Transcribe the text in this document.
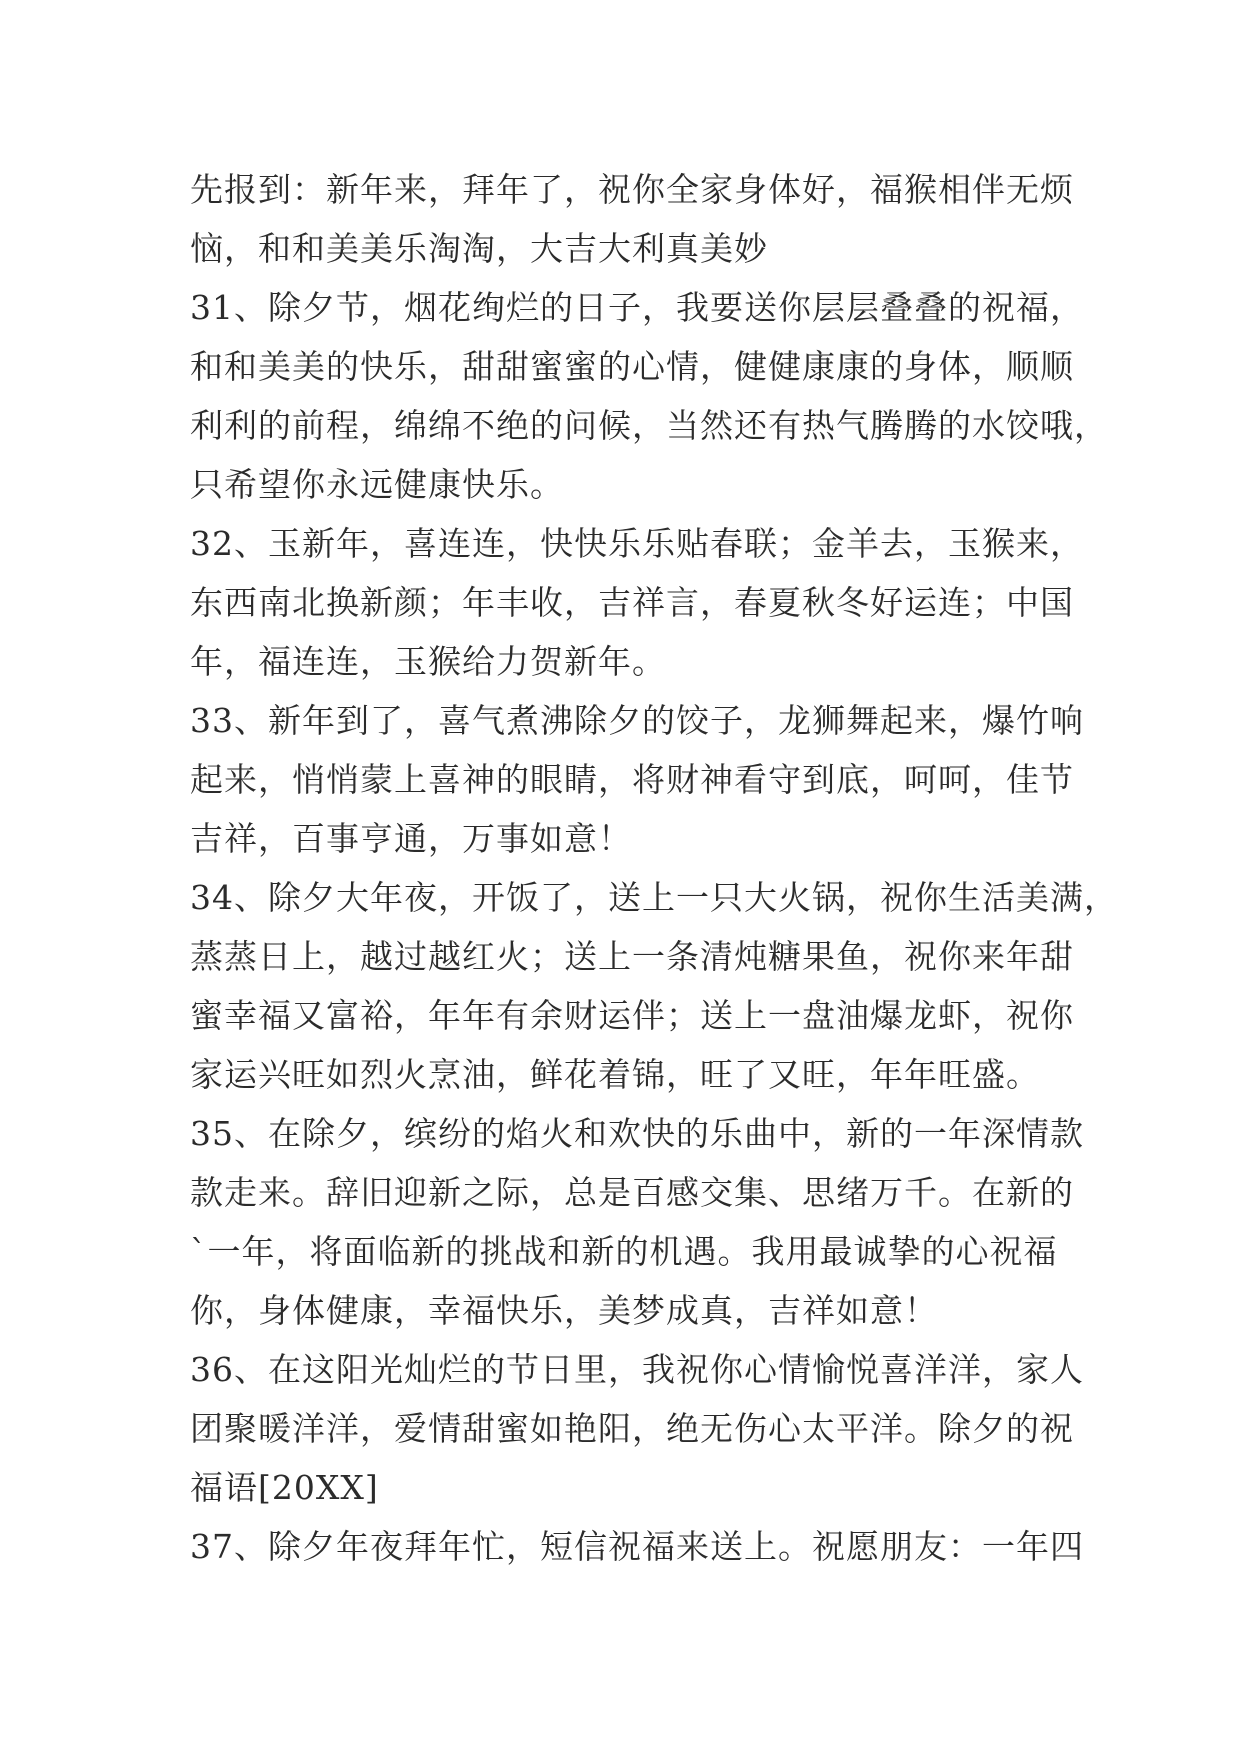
先报到：新年来，拜年了，祝你全家身体好，福猴相伴无烦
恼，和和美美乐淘淘，大吉大利真美妙
31、除夕节，烟花绚烂的日子，我要送你层层叠叠的祝福，
和和美美的快乐，甜甜蜜蜜的心情，健健康康的身体，顺顺
利利的前程，绵绵不绝的问候，当然还有热气腾腾的水饺哦，
只希望你永远健康快乐。
32、玉新年，喜连连，快快乐乐贴春联；金羊去，玉猴来，
东西南北换新颜；年丰收，吉祥言，春夏秋冬好运连；中国
年，福连连，玉猴给力贺新年。
33、新年到了，喜气煮沸除夕的饺子，龙狮舞起来，爆竹响
起来，悄悄蒙上喜神的眼睛，将财神看守到底，呵呵，佳节
吉祥，百事亨通，万事如意！
34、除夕大年夜，开饭了，送上一只大火锅，祝你生活美满，
蒸蒸日上，越过越红火；送上一条清炖糖果鱼，祝你来年甜
蜜幸福又富裕，年年有余财运伴；送上一盘油爆龙虾，祝你
家运兴旺如烈火烹油，鲜花着锦，旺了又旺，年年旺盛。
35、在除夕，缤纷的焰火和欢快的乐曲中，新的一年深情款
款走来。辞旧迎新之际，总是百感交集、思绪万千。在新的
`一年，将面临新的挑战和新的机遇。我用最诚挚的心祝福
你，身体健康，幸福快乐，美梦成真，吉祥如意！
36、在这阳光灿烂的节日里，我祝你心情愉悦喜洋洋，家人
团聚暖洋洋，爱情甜蜜如艳阳，绝无伤心太平洋。除夕的祝
福语[20XX]
37、除夕年夜拜年忙，短信祝福来送上。祝愿朋友：一年四
